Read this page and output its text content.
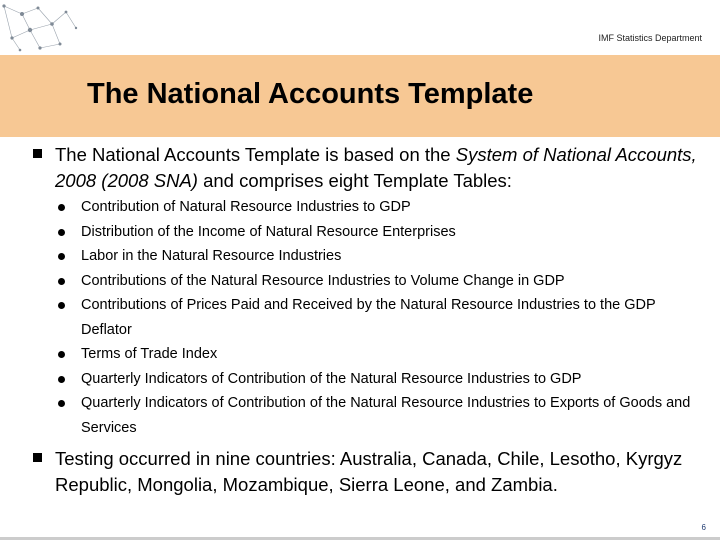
IMF Statistics Department
The National Accounts Template
The National Accounts Template is based on the System of National Accounts, 2008 (2008 SNA) and comprises eight Template Tables:
Contribution of Natural Resource Industries to GDP
Distribution of the Income of Natural Resource Enterprises
Labor in the Natural Resource Industries
Contributions of the Natural Resource Industries to Volume Change in GDP
Contributions of Prices Paid and Received by the Natural Resource Industries to the GDP Deflator
Terms of Trade Index
Quarterly Indicators of Contribution of the Natural Resource Industries to GDP
Quarterly Indicators of Contribution of the Natural Resource Industries to Exports of Goods and Services
Testing occurred in nine countries: Australia, Canada, Chile, Lesotho, Kyrgyz Republic, Mongolia, Mozambique, Sierra Leone, and Zambia.
6
